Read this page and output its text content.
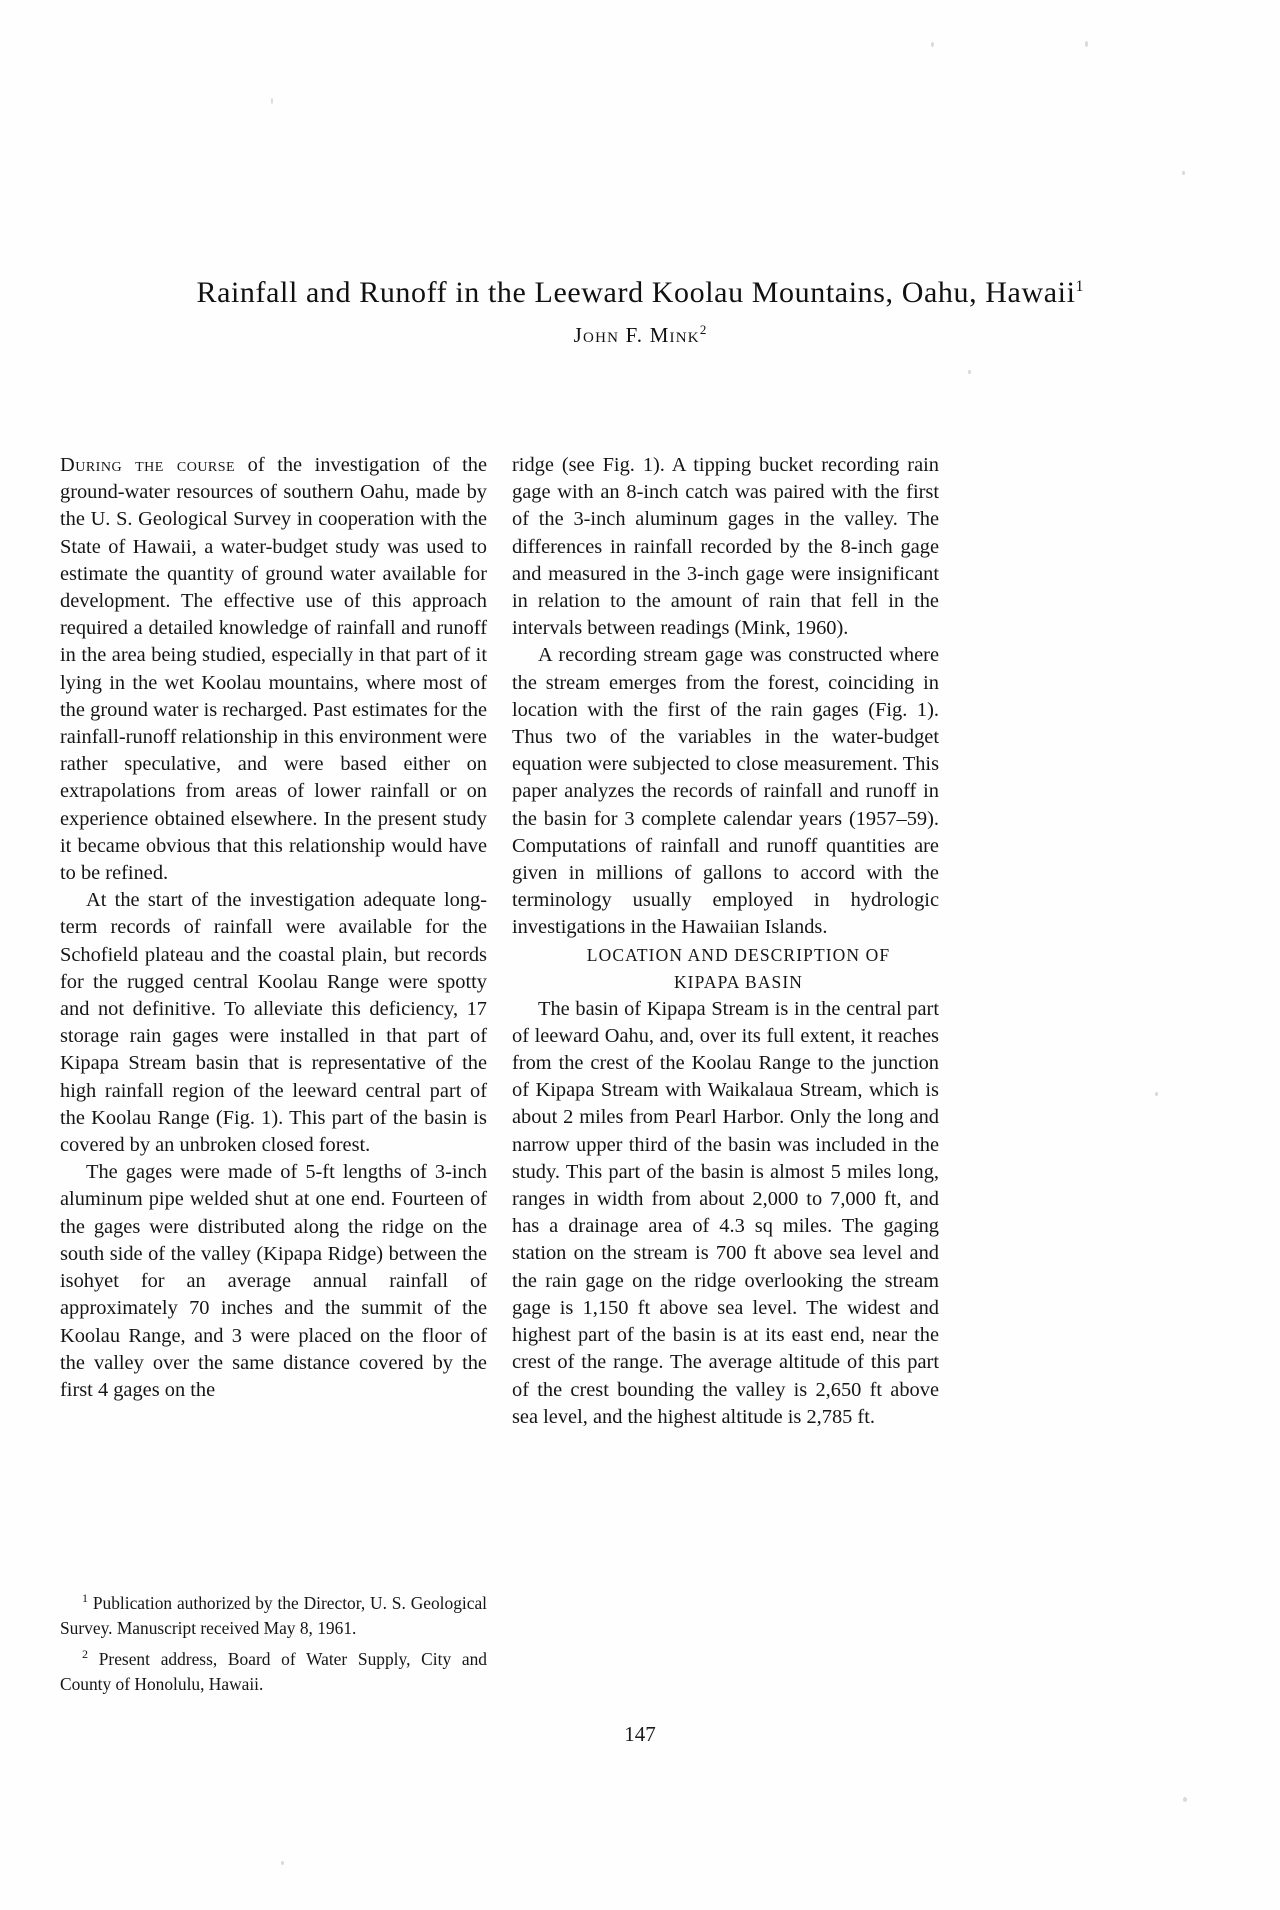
Rainfall and Runoff in the Leeward Koolau Mountains, Oahu, Hawaii$^1$
John F. Mink$^2$

During the course of the investigation of the ground-water resources of southern Oahu, made by the U. S. Geological Survey in cooperation with the State of Hawaii, a water-budget study was used to estimate the quantity of ground water available for development. The effective use of this approach required a detailed knowledge of rainfall and runoff in the area being studied, especially in that part of it lying in the wet Koolau mountains, where most of the ground water is recharged. Past estimates for the rainfall-runoff relationship in this environment were rather speculative, and were based either on extrapolations from areas of lower rainfall or on experience obtained elsewhere. In the present study it became obvious that this relationship would have to be refined.

At the start of the investigation adequate long-term records of rainfall were available for the Schofield plateau and the coastal plain, but records for the rugged central Koolau Range were spotty and not definitive. To alleviate this deficiency, 17 storage rain gages were installed in that part of Kipapa Stream basin that is representative of the high rainfall region of the leeward central part of the Koolau Range (Fig. 1). This part of the basin is covered by an unbroken closed forest.

The gages were made of 5-ft lengths of 3-inch aluminum pipe welded shut at one end. Fourteen of the gages were distributed along the ridge on the south side of the valley (Kipapa Ridge) between the isohyet for an average annual rainfall of approximately 70 inches and the summit of the Koolau Range, and 3 were placed on the floor of the valley over the same distance covered by the first 4 gages on the

ridge (see Fig. 1). A tipping bucket recording rain gage with an 8-inch catch was paired with the first of the 3-inch aluminum gages in the valley. The differences in rainfall recorded by the 8-inch gage and measured in the 3-inch gage were insignificant in relation to the amount of rain that fell in the intervals between readings (Mink, 1960).

A recording stream gage was constructed where the stream emerges from the forest, coinciding in location with the first of the rain gages (Fig. 1). Thus two of the variables in the water-budget equation were subjected to close measurement. This paper analyzes the records of rainfall and runoff in the basin for 3 complete calendar years (1957–59). Computations of rainfall and runoff quantities are given in millions of gallons to accord with the terminology usually employed in hydrologic investigations in the Hawaiian Islands.

LOCATION AND DESCRIPTION OF
KIPAPA BASIN

The basin of Kipapa Stream is in the central part of leeward Oahu, and, over its full extent, it reaches from the crest of the Koolau Range to the junction of Kipapa Stream with Waikalaua Stream, which is about 2 miles from Pearl Harbor. Only the long and narrow upper third of the basin was included in the study. This part of the basin is almost 5 miles long, ranges in width from about 2,000 to 7,000 ft, and has a drainage area of 4.3 sq miles. The gaging station on the stream is 700 ft above sea level and the rain gage on the ridge overlooking the stream gage is 1,150 ft above sea level. The widest and highest part of the basin is at its east end, near the crest of the range. The average altitude of this part of the crest bounding the valley is 2,650 ft above sea level, and the highest altitude is 2,785 ft.

$^1$ Publication authorized by the Director, U. S. Geological Survey. Manuscript received May 8, 1961.

$^2$ Present address, Board of Water Supply, City and County of Honolulu, Hawaii.

147
